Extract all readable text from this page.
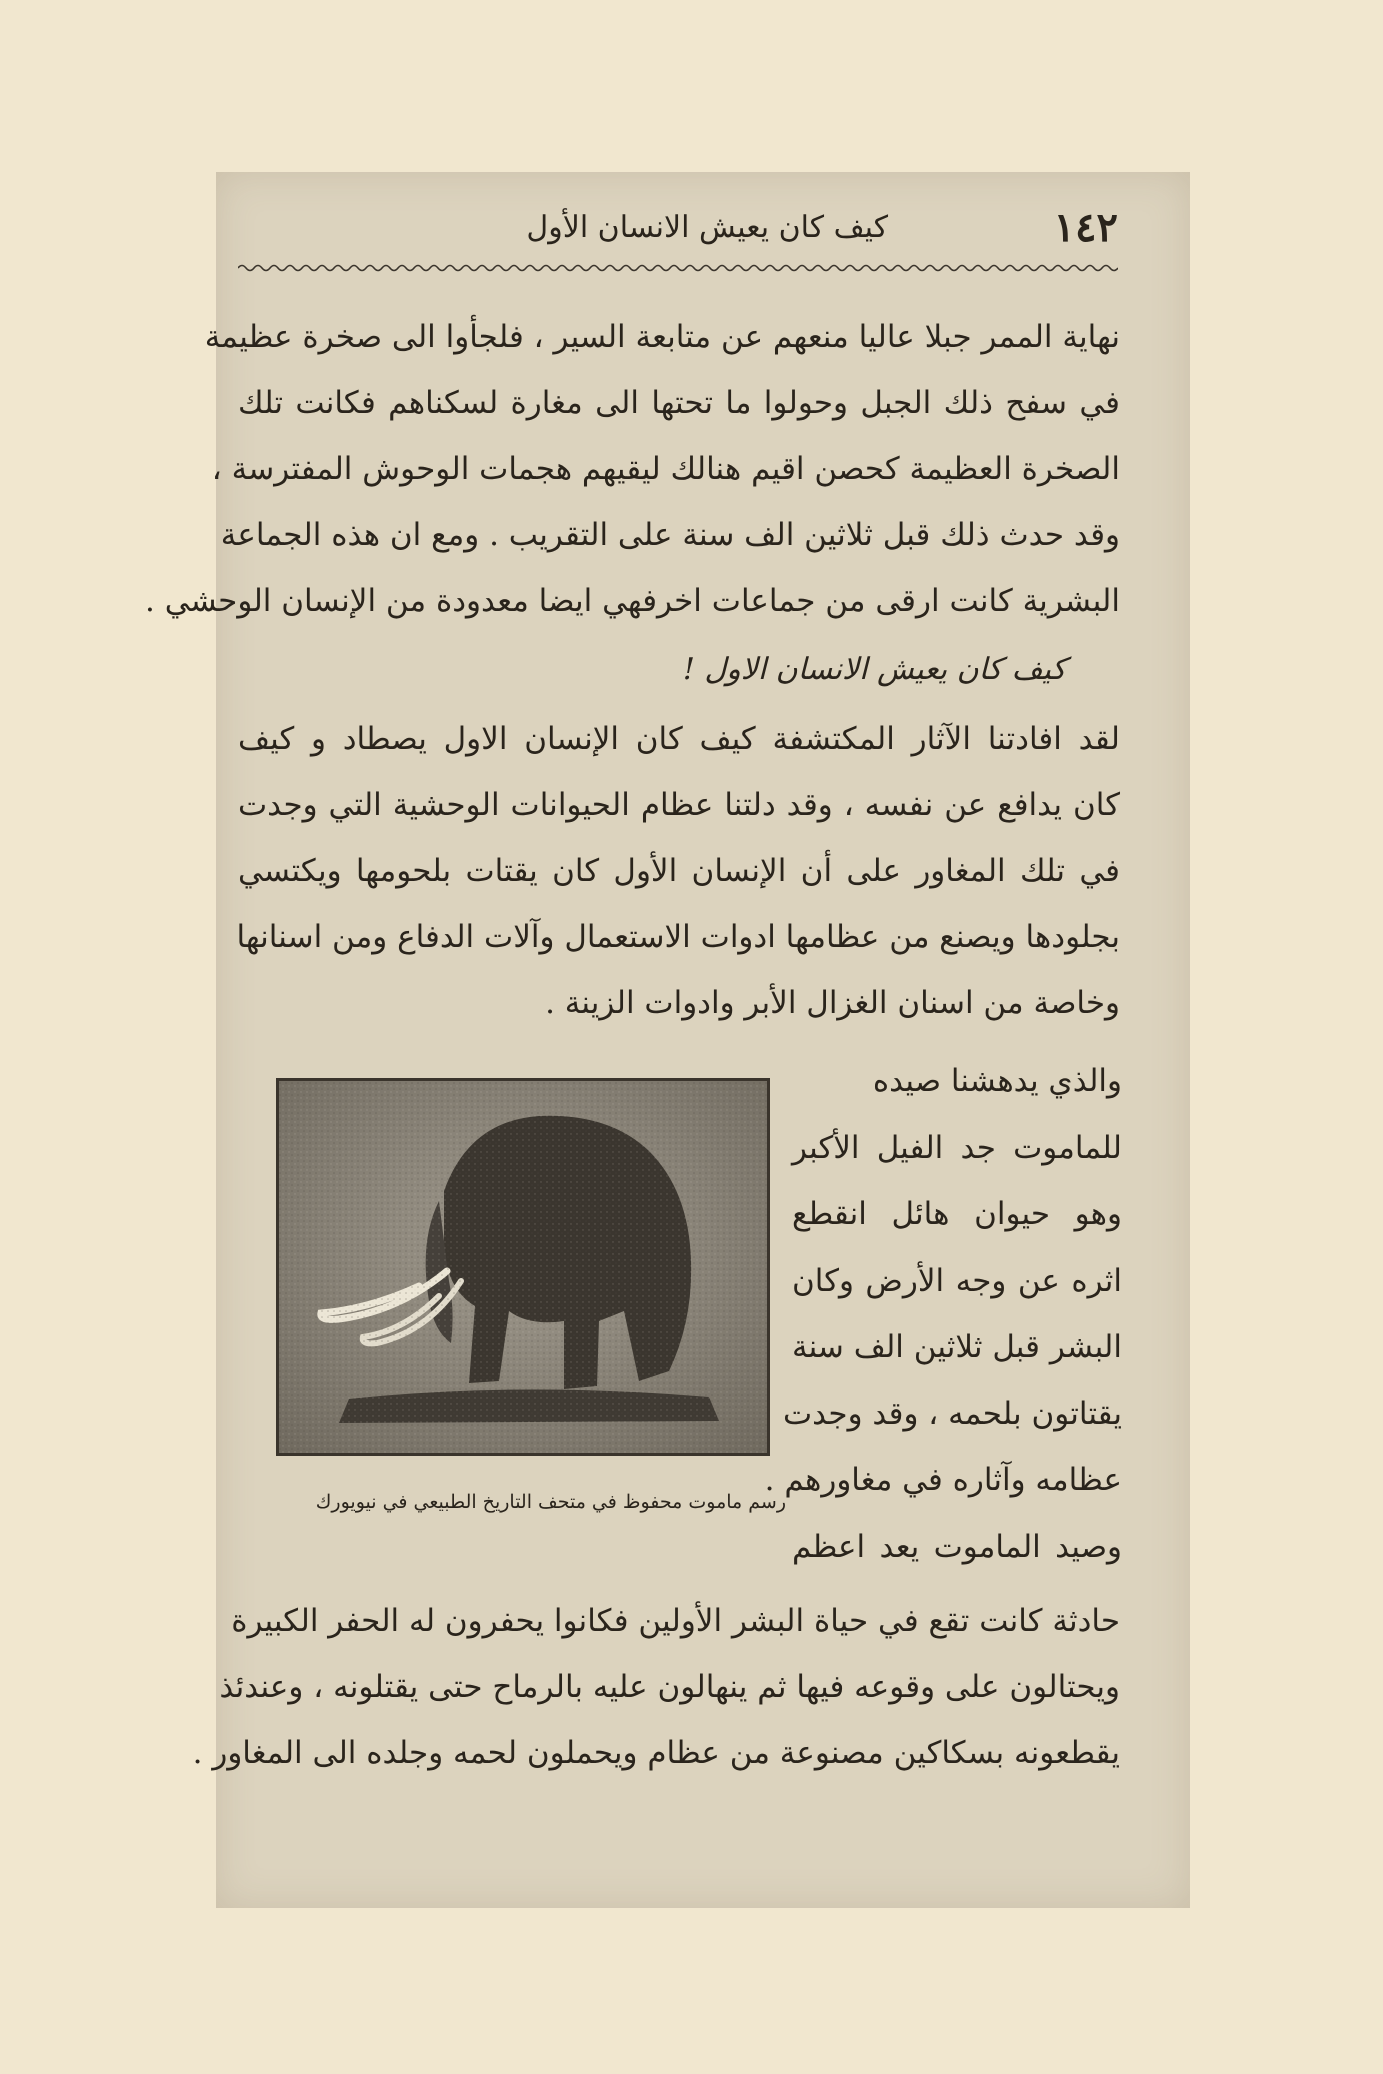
١٤٢
كيف كان يعيش الانسان الأول
نهاية الممر جبلا عاليا منعهم عن متابعة السير ، فلجأوا الى صخرة عظيمة
في سفح ذلك الجبل وحولوا ما تحتها الى مغارة لسكناهم فكانت تلك
الصخرة العظيمة كحصن اقيم هنالك ليقيهم هجمات الوحوش المفترسة ،
وقد حدث ذلك قبل ثلاثين الف سنة على التقريب . ومع ان هذه الجماعة
البشرية كانت ارقى من جماعات اخرفهي ايضا معدودة من الإنسان الوحشي .
كيف كان يعيش الانسان الاول !
لقد افادتنا الآثار المكتشفة كيف كان الإنسان الاول يصطاد و كيف
كان يدافع عن نفسه ، وقد دلتنا عظام الحيوانات الوحشية التي وجدت
في تلك المغاور على أن الإنسان الأول كان يقتات بلحومها ويكتسي
بجلودها ويصنع من عظامها ادوات الاستعمال وآلات الدفاع ومن اسنانها
وخاصة من اسنان الغزال الأبر وادوات الزينة .
والذي يدهشنا صيده
للماموت جد الفيل الأكبر
وهو حيوان هائل انقطع
اثره عن وجه الأرض وكان
البشر قبل ثلاثين الف سنة
يقتاتون بلحمه ، وقد وجدت
عظامه وآثاره في مغاورهم .
وصيد الماموت يعد اعظم
رسم ماموت محفوظ في متحف التاريخ الطبيعي في نيويورك
حادثة كانت تقع في حياة البشر الأولين فكانوا يحفرون له الحفر الكبيرة
ويحتالون على وقوعه فيها ثم ينهالون عليه بالرماح حتى يقتلونه ، وعندئذ
يقطعونه بسكاكين مصنوعة من عظام ويحملون لحمه وجلده الى المغاور .
